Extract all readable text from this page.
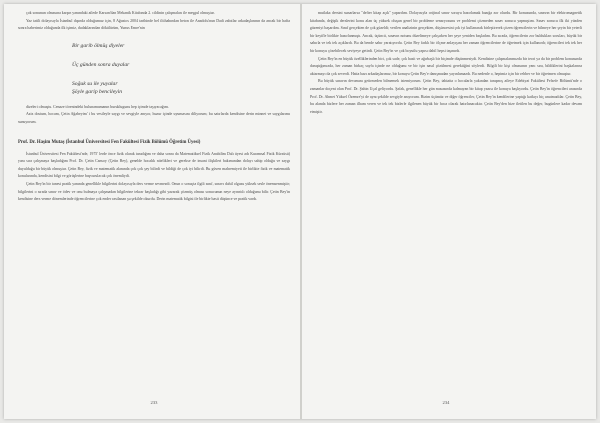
çok sonunun olmasına karşın yanındaki ailede Karsan'dan Mekanik Kitabında 2. cildinin çalışmaları ile meşgul olmuştur.

Yaz tatili dolayısıyla İstanbul dışında olduğumuz için, 8 Ağustos 2004 tarihinde bel iltihabından beton ile Anadolu'nun Dadi zabıtlar arkadaşlarının da ancak bir hafta sonra haberimiz olduğunda ilk işimiz, dudaklarından dökülürüm, Yunus Emre'nin

Bir garib ölmüş diyeler

Üç günden sonra duyalar

Soğuk su ile yuyalar

Şöyle garip bencileyin

dizeleri olmuştu. Cenaze törenindeki bulunamamanın buruklugunu hep içimde taşıyacağım.

Aziz dostum, hocam, Çetin Ağabeyim' i bu vesileyle saygı ve sevgiyle anıyor, huzur içinde uyumasını diliyorum; bu satırlarda kendisine derin minnet ve saygılarımı sunuyorum.

Prof. Dr. Haşim Mutaş (İstanbul Üniversitesi Fen Fakültesi Fizik Bölümü Öğretim Üyesi)

İstanbul Üniversitesi Fen Fakültesi'nde, 1975' lerde önce fizik olarak tanıdığım ve daha sonra da Matematiksel Fizik Anabilim Dalı üyesi adı Kuramsal Fizik Kürsüsü) yanı sıra çalışmaya başladığım Prof. Dr. Çetin Cansoy (Çetin Bey), genelde hocalık nitelikleri ve gerekse de insani ilişkileri bakımından dolayı sahip olduğu ve saygı duyulduğu bir büyük olmuştur. Çetin Bey, fizik ve matematik alanında çok çok şey bilirdi ve bildiği de çok iyi bilirdi. Bu güven mahremiyeti ile birlikte fizik ve matematik konularında, kendisini bilgi ve görüşlerine başvurulacak çok önemliydi.

Çetin Bey'in bir tanesi pratik yanında genellikle bilgilerini dolayısıyla ders verme sevmezdi. Onun o sonuçta ilgili sınıf, sınavı dahil olgusu yüksek sesle önemsenmiştir; bilgilerini o sırada sınav ve ödev ve onu bulmaya çalışmadan bilgilerine tekrar başladığı gibi yazarak çözmüş olması sonucunun neye ayrıntılı olduğunu bilir. Çetin Bey'in kendisine ders verme dönemlerinde öğrencilerine çok ender rastlanan şu şekilde okurdu. Derin matematik bilgisi ile birlikte basit düşünce ve pratik vardı.

233

mutlaka dersini sunarlarsa "defter kitap açık" yapardım. Dolayısıyla orijinal sınav soruyu hazırlamak bazığa zor olurdu. Bir konusunda, sınavın bir elektromagnetik kitabında, değişik derslerini konu alan üç yüksek oluşun genel bir probleme senaryosunu ve problemi çözmeden sınav sonucu yapmıştım. Sınav sonucu ilk iki yüzden güzeniyi başardım. Sınıf gerçekten de çok güzeldi; verilen analizinin gerçekten, düşüncesini çok iyi kullanarak birleştirerek çözen öğrencilerin ve bilmeye her şeyin bir yeterli bir keyifle birlikte hazırlanmıştı. Ancak, üçüncü, sınavın notunu düzeltmeye çalışırken her şeye yeniden başladım. Bu sırada, öğrencilerin zor buldukları soruları, büyük bir sabırla ve tek tek açıklardı. Bu da bende sabır yaratıyordu. Çetin Bey farklı bir ölçme anlayışını her zaman öğrencilerine de öğretmek için kullanırdı; öğrencileri tek tek her bir konuyu çözebilecek seviyeye getirdi. Çetin Bey'in ve çok boyutlu yapısı dahil hepsi taşınırdı.

Çetin Bey'in en büyük özelliklerinden biri, çok sade, çok basit ve ağırbaşlı bir biçimde düşünmesiydi. Kendisine çalışmalarımızda bir teori ya da bir problem konusunda danıştığımızda, her zaman birkaç sayfa içinde ne olduğunu ve bir işin nasıl çözülmesi gerektiğini söylerdi. Bilgili bir kişi olmasının yanı sıra, bildiklerini başkalarına aktarmayı da çok severdi. Hatta bazı arkadaşlarımız, bir konuyu Çetin Bey'e danışmadan yayınlamazdı. Bu nedenle o, hepimiz için bir rehber ve bir öğretmen olmuştur.

Bu büyük sınavın devamını getirmeden bilmemek istemiyorum. Çetin Bey, tabiatta o hocalarla yakından tanışmış aileye Edebiyat Fakültesi Felsefe Bölümü'nde o zamanlar doçent olan Prof. Dr. Şahin Uçal geliyordu. Şafak, genellikle her gün masasında kalmayan bir kitap yazısı ile konuya başlıyordu. Çetin Bey'in öğrencileri arasında Prof. Dr. Ahmet Yüksel Özemre'yi de aynı şekilde sevgiyle anıyorum. Bizim üçümüz ve diğer öğrenciler, Çetin Bey'in kendilerine yaptığı katkıyı hiç unutmadılar. Çetin Bey, bu alanda bizlere her zaman ilham veren ve tek tek bizlerle ilgilenen büyük bir hoca olarak hatırlanacaktır. Çetin Bey'den bize iletilen bu değer, bugünlere kadar devam etmiştir.

234
